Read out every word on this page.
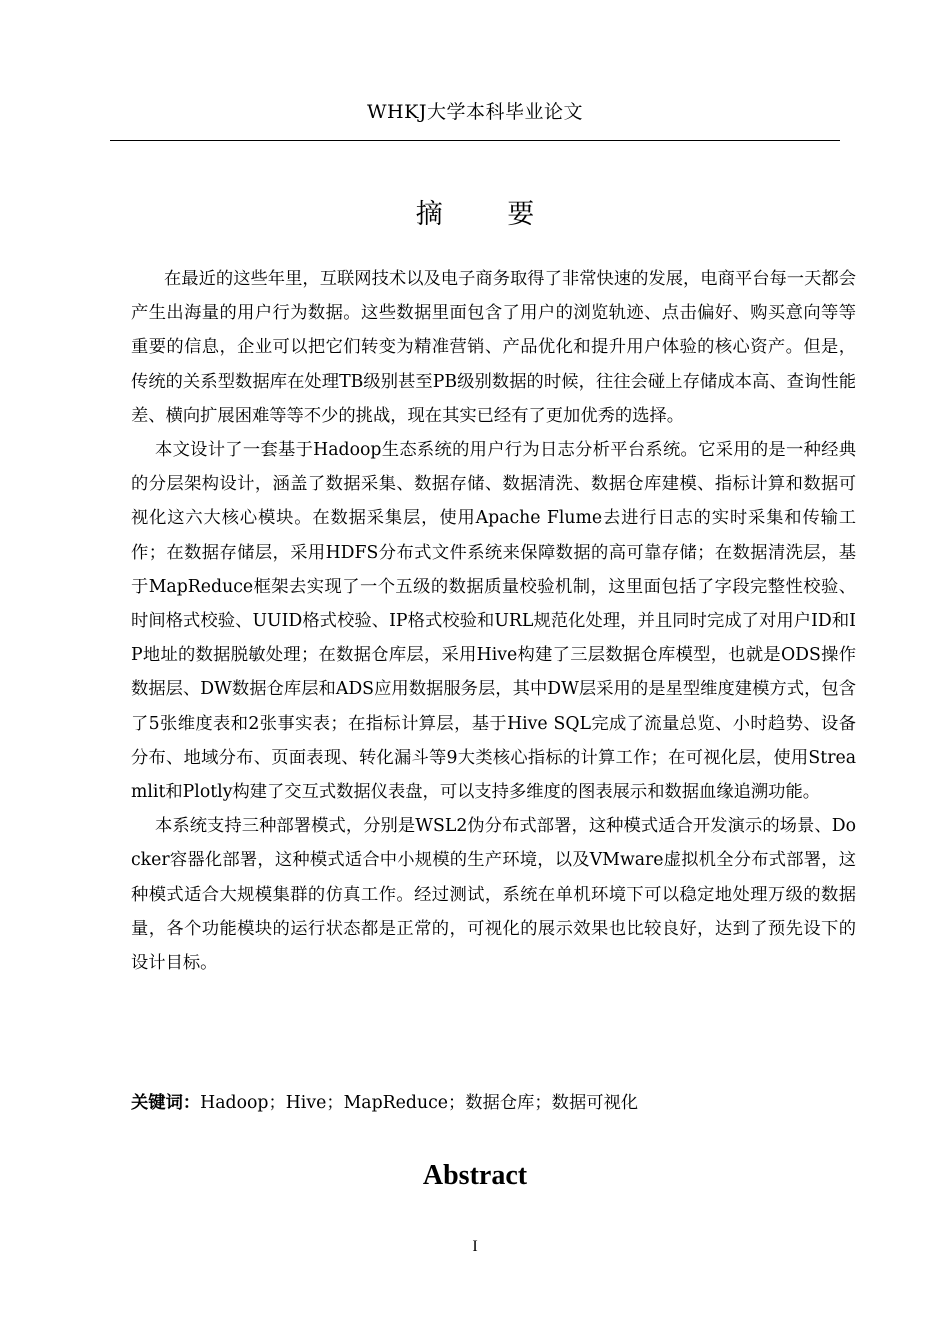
WHKJ大学本科毕业论文
摘 要

在最近的这些年里，互联网技术以及电子商务取得了非常快速的发展，电商平台每一天都会产生出海量的用户行为数据。这些数据里面包含了用户的浏览轨迹、点击偏好、购买意向等等重要的信息，企业可以把它们转变为精准营销、产品优化和提升用户体验的核心资产。但是，传统的关系型数据库在处理TB级别甚至PB级别数据的时候，往往会碰上存储成本高、查询性能差、横向扩展困难等等不少的挑战，现在其实已经有了更加优秀的选择。

本文设计了一套基于Hadoop生态系统的用户行为日志分析平台系统。它采用的是一种经典的分层架构设计，涵盖了数据采集、数据存储、数据清洗、数据仓库建模、指标计算和数据可视化这六大核心模块。在数据采集层，使用Apache Flume去进行日志的实时采集和传输工作；在数据存储层，采用HDFS分布式文件系统来保障数据的高可靠存储；在数据清洗层，基于MapReduce框架去实现了一个五级的数据质量校验机制，这里面包括了字段完整性校验、时间格式校验、UUID格式校验、IP格式校验和URL规范化处理，并且同时完成了对用户ID和IP地址的数据脱敏处理；在数据仓库层，采用Hive构建了三层数据仓库模型，也就是ODS操作数据层、DW数据仓库层和ADS应用数据服务层，其中DW层采用的是星型维度建模方式，包含了5张维度表和2张事实表；在指标计算层，基于Hive SQL完成了流量总览、小时趋势、设备分布、地域分布、页面表现、转化漏斗等9大类核心指标的计算工作；在可视化层，使用Streamlit和Plotly构建了交互式数据仪表盘，可以支持多维度的图表展示和数据血缘追溯功能。

本系统支持三种部署模式，分别是WSL2伪分布式部署，这种模式适合开发演示的场景、Docker容器化部署，这种模式适合中小规模的生产环境，以及VMware虚拟机全分布式部署，这种模式适合大规模集群的仿真工作。经过测试，系统在单机环境下可以稳定地处理万级的数据量，各个功能模块的运行状态都是正常的，可视化的展示效果也比较良好，达到了预先设下的设计目标。

关键词：Hadoop；Hive；MapReduce；数据仓库；数据可视化
Abstract
I
